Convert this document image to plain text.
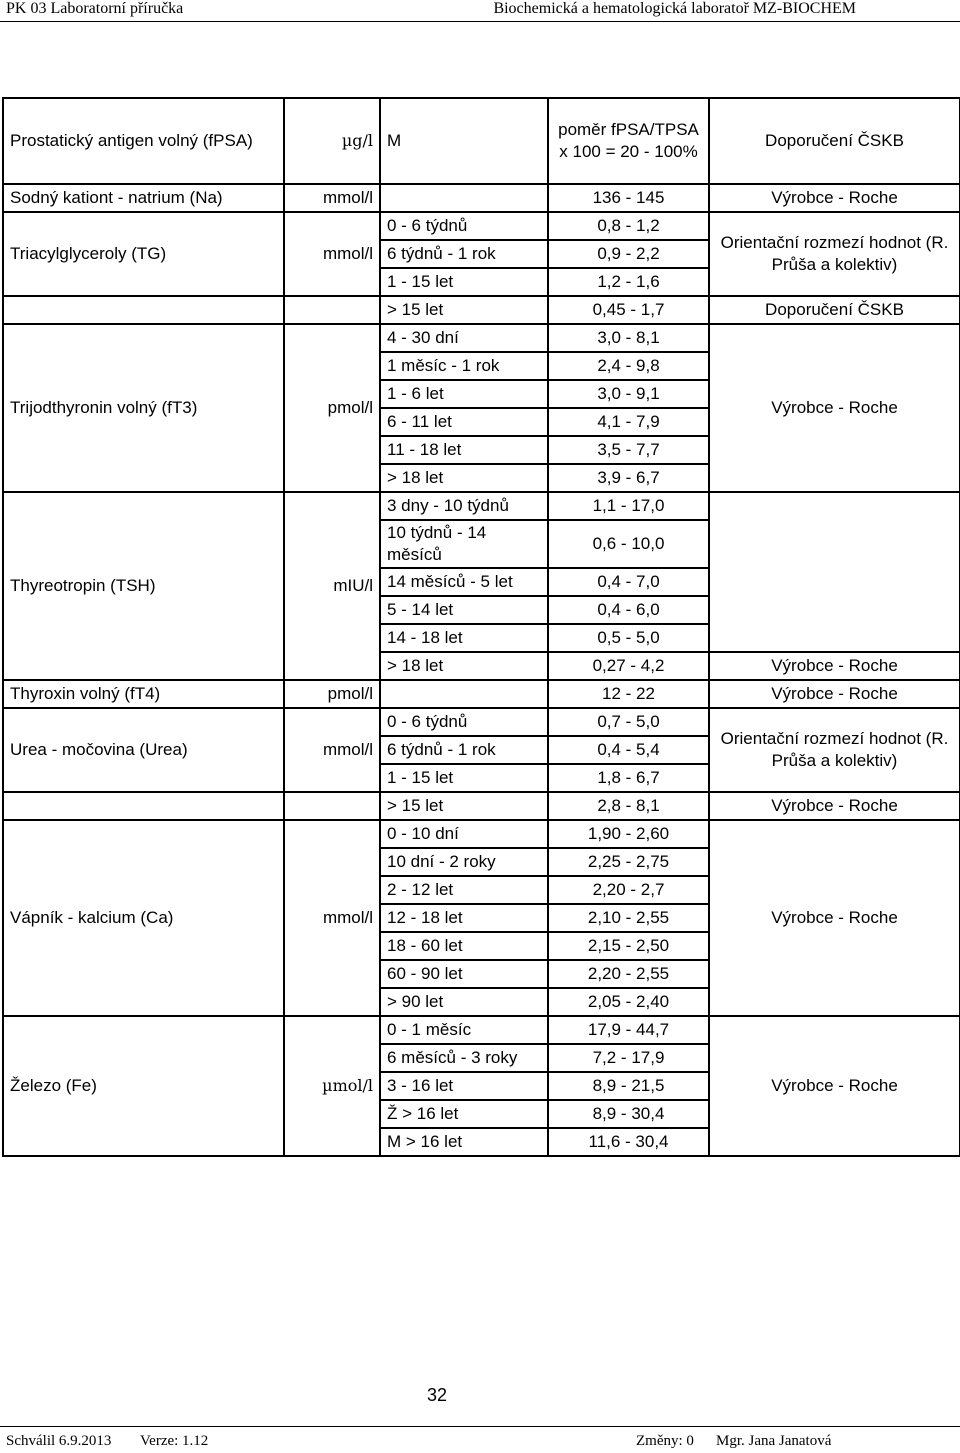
PK 03 Laboratorní příručka	Biochemická a hematologická laboratoř MZ-BIOCHEM
Prostatický antigen volný (fPSA)	µg/l	M	poměr fPSA/TPSA x 100 = 20 - 100%	Doporučení ČSKB
Sodný kationt - natrium (Na)	mmol/l		136 - 145	Výrobce - Roche
Triacylglyceroly (TG)	mmol/l	0 - 6 týdnů	0,8 - 1,2	Orientační rozmezí hodnot (R. Průša a kolektiv)
		6 týdnů - 1 rok	0,9 - 2,2	
		1 - 15 let	1,2 - 1,6	
		> 15 let	0,45 - 1,7	Doporučení ČSKB
Trijodthyronin volný (fT3)	pmol/l	4 - 30 dní	3,0 - 8,1	Výrobce - Roche
		1 měsíc - 1 rok	2,4 - 9,8	
		1 - 6 let	3,0 - 9,1	
		6 - 11 let	4,1 - 7,9	
		11 - 18 let	3,5 - 7,7	
		> 18 let	3,9 - 6,7	
Thyreotropin (TSH)	mIU/l	3 dny - 10 týdnů	1,1 - 17,0	
		10 týdnů - 14 měsíců	0,6 - 10,0	
		14 měsíců - 5 let	0,4 - 7,0	
		5 - 14 let	0,4 - 6,0	
		14 - 18 let	0,5 - 5,0	
		> 18 let	0,27 - 4,2	Výrobce - Roche
Thyroxin volný (fT4)	pmol/l		12 - 22	Výrobce - Roche
Urea - močovina (Urea)	mmol/l	0 - 6 týdnů	0,7 - 5,0	Orientační rozmezí hodnot (R. Průša a kolektiv)
		6 týdnů - 1 rok	0,4 - 5,4	
		1 - 15 let	1,8 - 6,7	
		> 15 let	2,8 - 8,1	Výrobce - Roche
Vápník - kalcium (Ca)	mmol/l	0 - 10 dní	1,90 - 2,60	Výrobce - Roche
		10 dní - 2 roky	2,25 - 2,75	
		2 - 12 let	2,20 - 2,7	
		12 - 18 let	2,10 - 2,55	
		18 - 60 let	2,15 - 2,50	
		60 - 90 let	2,20 - 2,55	
		> 90 let	2,05 - 2,40	
Železo (Fe)	µmol/l	0 - 1 měsíc	17,9 - 44,7	Výrobce - Roche
		6 měsíců - 3 roky	7,2 - 17,9	
		3 - 16 let	8,9 - 21,5	
		Ž > 16 let	8,9 - 30,4	
		M > 16 let	11,6 - 30,4	
32
Schválil 6.9.2013 Verze: 1.12	Změny: 0 Mgr. Jana Janatová
